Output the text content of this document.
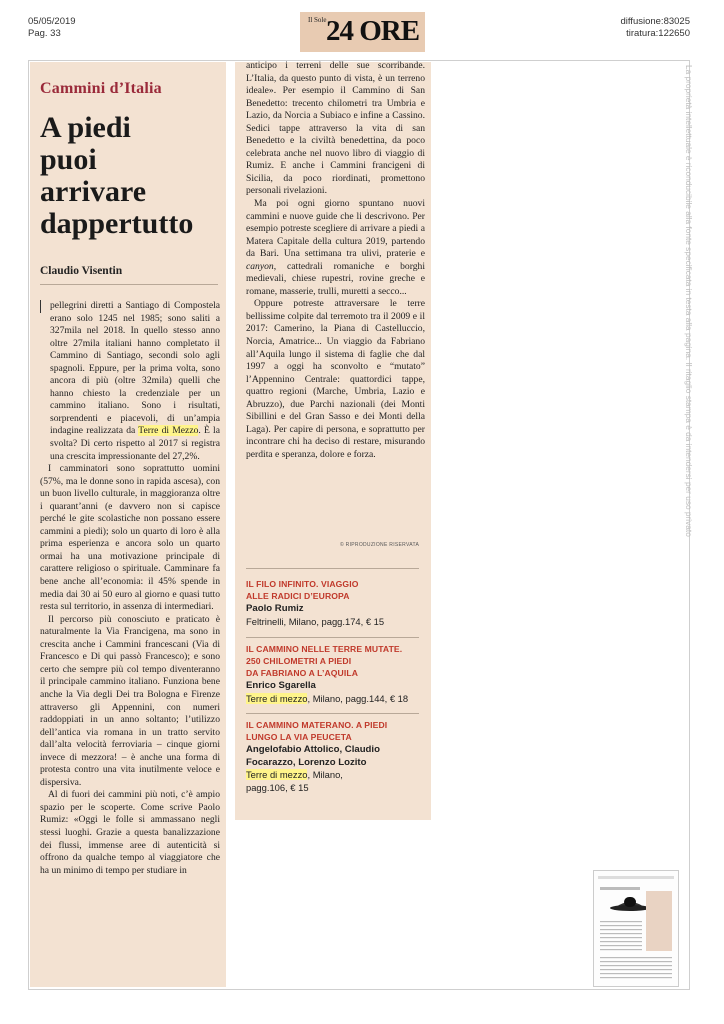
05/05/2019
Pag. 33
Il Sole 24 ORE	diffusione:83025
tiratura:122650
Cammini d’Italia
A piedi
puoi
arrivare
dappertutto
Claudio Visentin

pellegrini diretti a Santiago di Compostela erano solo 1245 nel 1985; sono saliti a 327mila nel 2018. In quello stesso anno oltre 27mila italiani hanno completato il Cammino di Santiago, secondi solo agli spagnoli. Eppure, per la prima volta, sono ancora di più (oltre 32mila) quelli che hanno chiesto la credenziale per un cammino italiano. Sono i risultati, sorprendenti e piacevoli, di un’ampia indagine realizzata da Terre di Mezzo. È la svolta? Di certo rispetto al 2017 si registra una crescita impressionante del 27,2%.

I camminatori sono soprattutto uomini (57%, ma le donne sono in rapida ascesa), con un buon livello culturale, in maggioranza oltre i quarant’anni (e davvero non si capisce perché le gite scolastiche non possano essere cammini a piedi); solo un quarto di loro è alla prima esperienza e ancora solo un quarto ormai ha una motivazione principale di carattere religioso o spirituale. Camminare fa bene anche all’economia: il 45% spende in media dai 30 ai 50 euro al giorno e quasi tutto resta sul territorio, in assenza di intermediari.

Il percorso più conosciuto e praticato è naturalmente la Via Francigena, ma sono in crescita anche i Cammini francescani (Via di Francesco e Di qui passò Francesco); e sono certo che sempre più col tempo diventeranno il principale cammino italiano. Funziona bene anche la Via degli Dei tra Bologna e Firenze attraverso gli Appennini, con numeri raddoppiati in un anno soltanto; l’utilizzo dell’antica via romana in un tratto servito dall’alta velocità ferroviaria – cinque giorni invece di mezzora! – è anche una forma di protesta contro una vita inutilmente veloce e dispersiva.

Al di fuori dei cammini più noti, c’è ampio spazio per le scoperte. Come scrive Paolo Rumiz: «Oggi le folle si ammassano negli stessi luoghi. Grazie a questa banalizzazione dei flussi, immense aree di autenticità si offrono da qualche tempo al viaggiatore che ha un minimo di tempo per studiare in

anticipo i terreni delle sue scorribande. L’Italia, da questo punto di vista, è un terreno ideale». Per esempio il Cammino di San Benedetto: trecento chilometri tra Umbria e Lazio, da Norcia a Subiaco e infine a Cassino. Sedici tappe attraverso la vita di san Benedetto e la civiltà benedettina, da poco celebrata anche nel nuovo libro di viaggio di Rumiz. E anche i Cammini francigeni di Sicilia, da poco riordinati, promettono personali rivelazioni.

Ma poi ogni giorno spuntano nuovi cammini e nuove guide che li descrivono. Per esempio potreste scegliere di arrivare a piedi a Matera Capitale della cultura 2019, partendo da Bari. Una settimana tra ulivi, praterie e canyon, cattedrali romaniche e borghi medievali, chiese rupestri, rovine greche e romane, masserie, trulli, muretti a secco...

Oppure potreste attraversare le terre bellissime colpite dal terremoto tra il 2009 e il 2017: Camerino, la Piana di Castelluccio, Norcia, Amatrice... Un viaggio da Fabriano all’Aquila lungo il sistema di faglie che dal 1997 a oggi ha sconvolto e “mutato” l’Appennino Centrale: quattordici tappe, quattro regioni (Marche, Umbria, Lazio e Abruzzo), due Parchi nazionali (dei Monti Sibillini e del Gran Sasso e dei Monti della Laga). Per capire di persona, e soprattutto per incontrare chi ha deciso di restare, misurando perdita e speranza, dolore e forza.

© RIPRODUZIONE RISERVATA
IL FILO INFINITO. VIAGGIO
ALLE RADICI D’EUROPA
Paolo Rumiz
Feltrinelli, Milano, pagg.174, € 15
IL CAMMINO NELLE TERRE MUTATE.
250 CHILOMETRI A PIEDI
DA FABRIANO A L’AQUILA
Enrico Sgarella
Terre di mezzo, Milano, pagg.144, € 18
IL CAMMINO MATERANO. A PIEDI
LUNGO LA VIA PEUCETA
Angelofabio Attolico, Claudio
Focarazzo, Lorenzo Lozito
Terre di mezzo, Milano,
pagg.106, € 15
La proprietà intellettuale è riconducibile alla fonte specificata in testa alla pagina. Il ritaglio stampa è da intendersi per uso privato
